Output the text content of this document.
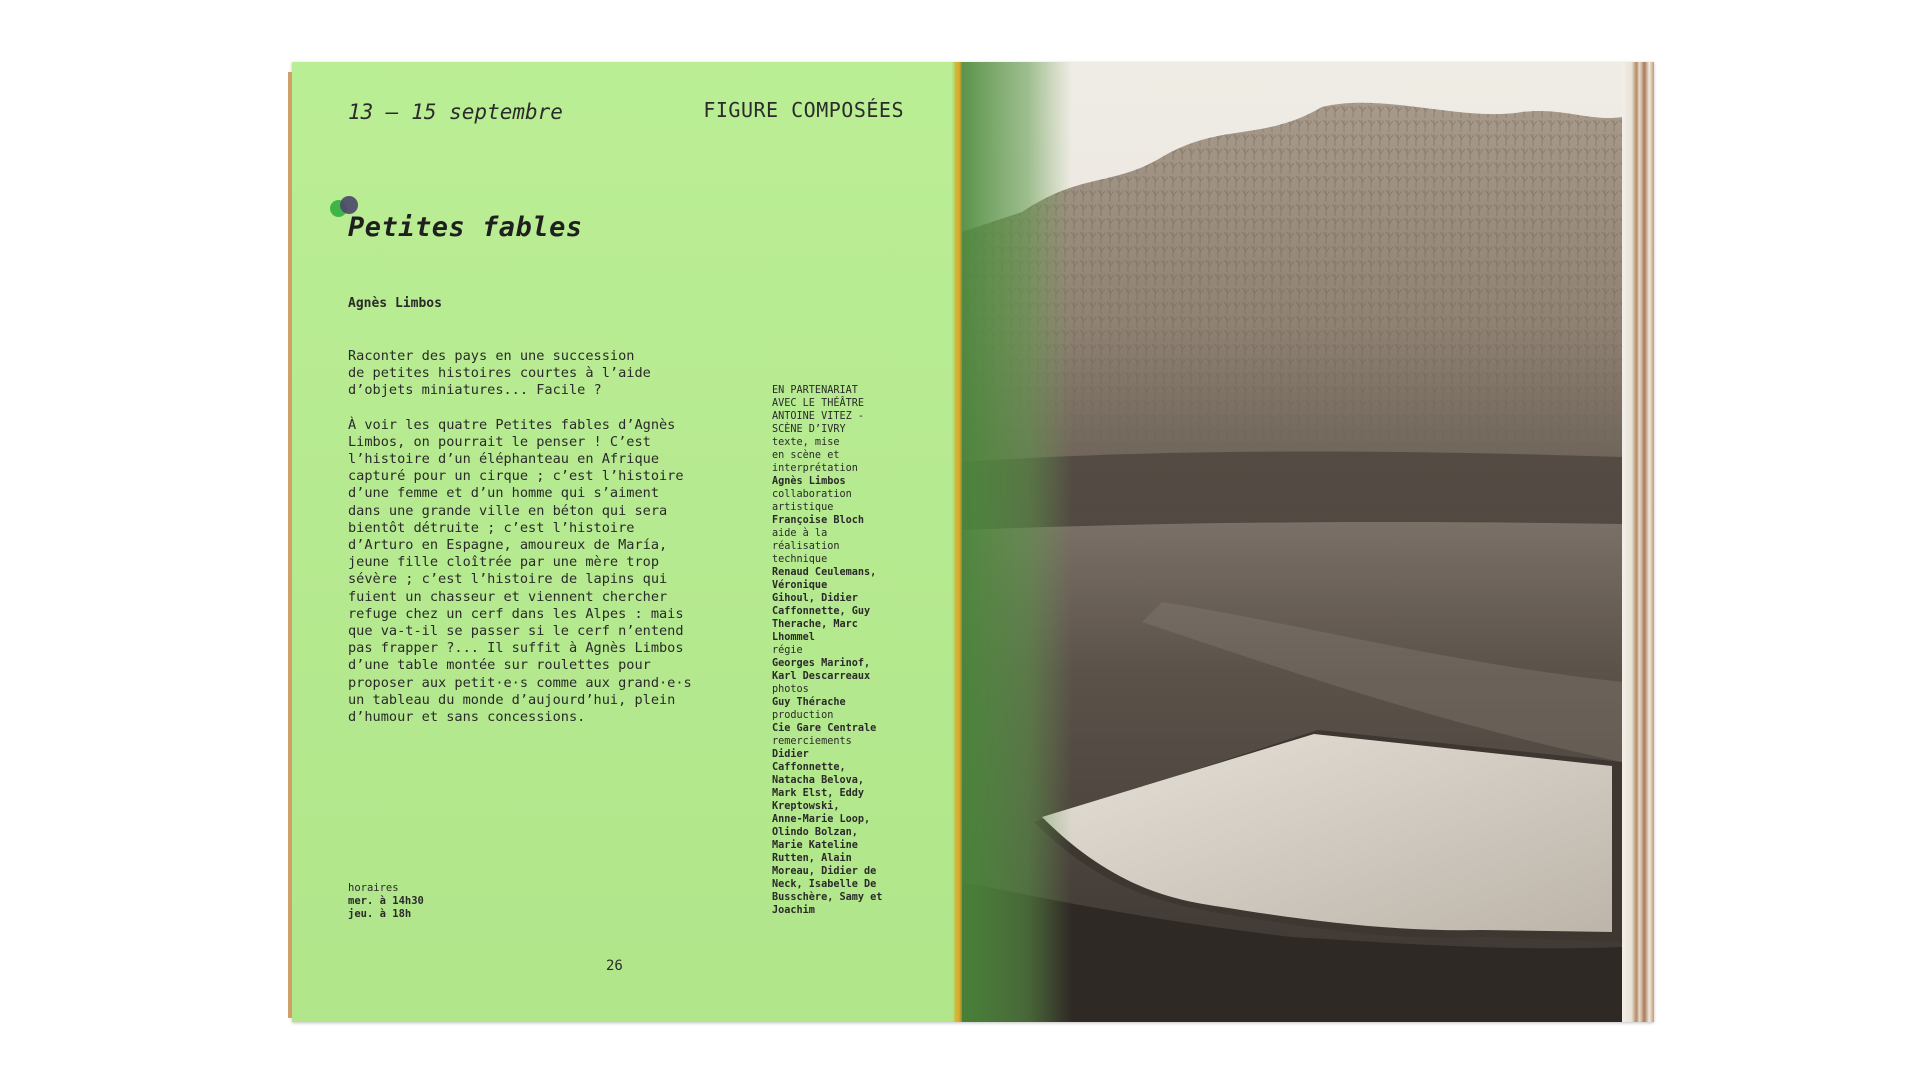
13 — 15 septembre	FIGURE COMPOSÉES
Petites fables
Agnès Limbos

Raconter des pays en une succession
de petites histoires courtes à l’aide
d’objets miniatures... Facile ?

À voir les quatre Petites fables d’Agnès
Limbos, on pourrait le penser ! C’est
l’histoire d’un éléphanteau en Afrique
capturé pour un cirque ; c’est l’histoire
d’une femme et d’un homme qui s’aiment
dans une grande ville en béton qui sera
bientôt détruite ; c’est l’histoire
d’Arturo en Espagne, amoureux de María,
jeune fille cloîtrée par une mère trop
sévère ; c’est l’histoire de lapins qui
fuient un chasseur et viennent chercher
refuge chez un cerf dans les Alpes : mais
que va-t-il se passer si le cerf n’entend
pas frapper ?... Il suffit à Agnès Limbos
d’une table montée sur roulettes pour
proposer aux petit·e·s comme aux grand·e·s
un tableau du monde d’aujourd’hui, plein
d’humour et sans concessions.

EN PARTENARIAT
AVEC LE THÉÂTRE
ANTOINE VITEZ -
SCÈNE D’IVRY
texte, mise
en scène et
interprétation
Agnès Limbos
collaboration
artistique
Françoise Bloch
aide à la
réalisation
technique
Renaud Ceulemans,
Véronique
Gihoul, Didier
Caffonnette, Guy
Therache, Marc
Lhommel
régie
Georges Marinof,
Karl Descarreaux
photos
Guy Thérache
production
Cie Gare Centrale
remerciements
Didier
Caffonnette,
Natacha Belova,
Mark Elst, Eddy
Kreptowski,
Anne-Marie Loop,
Olindo Bolzan,
Marie Kateline
Rutten, Alain
Moreau, Didier de
Neck, Isabelle De
Busschère, Samy et
Joachim
horaires
mer. à 14h30
jeu. à 18h
26
